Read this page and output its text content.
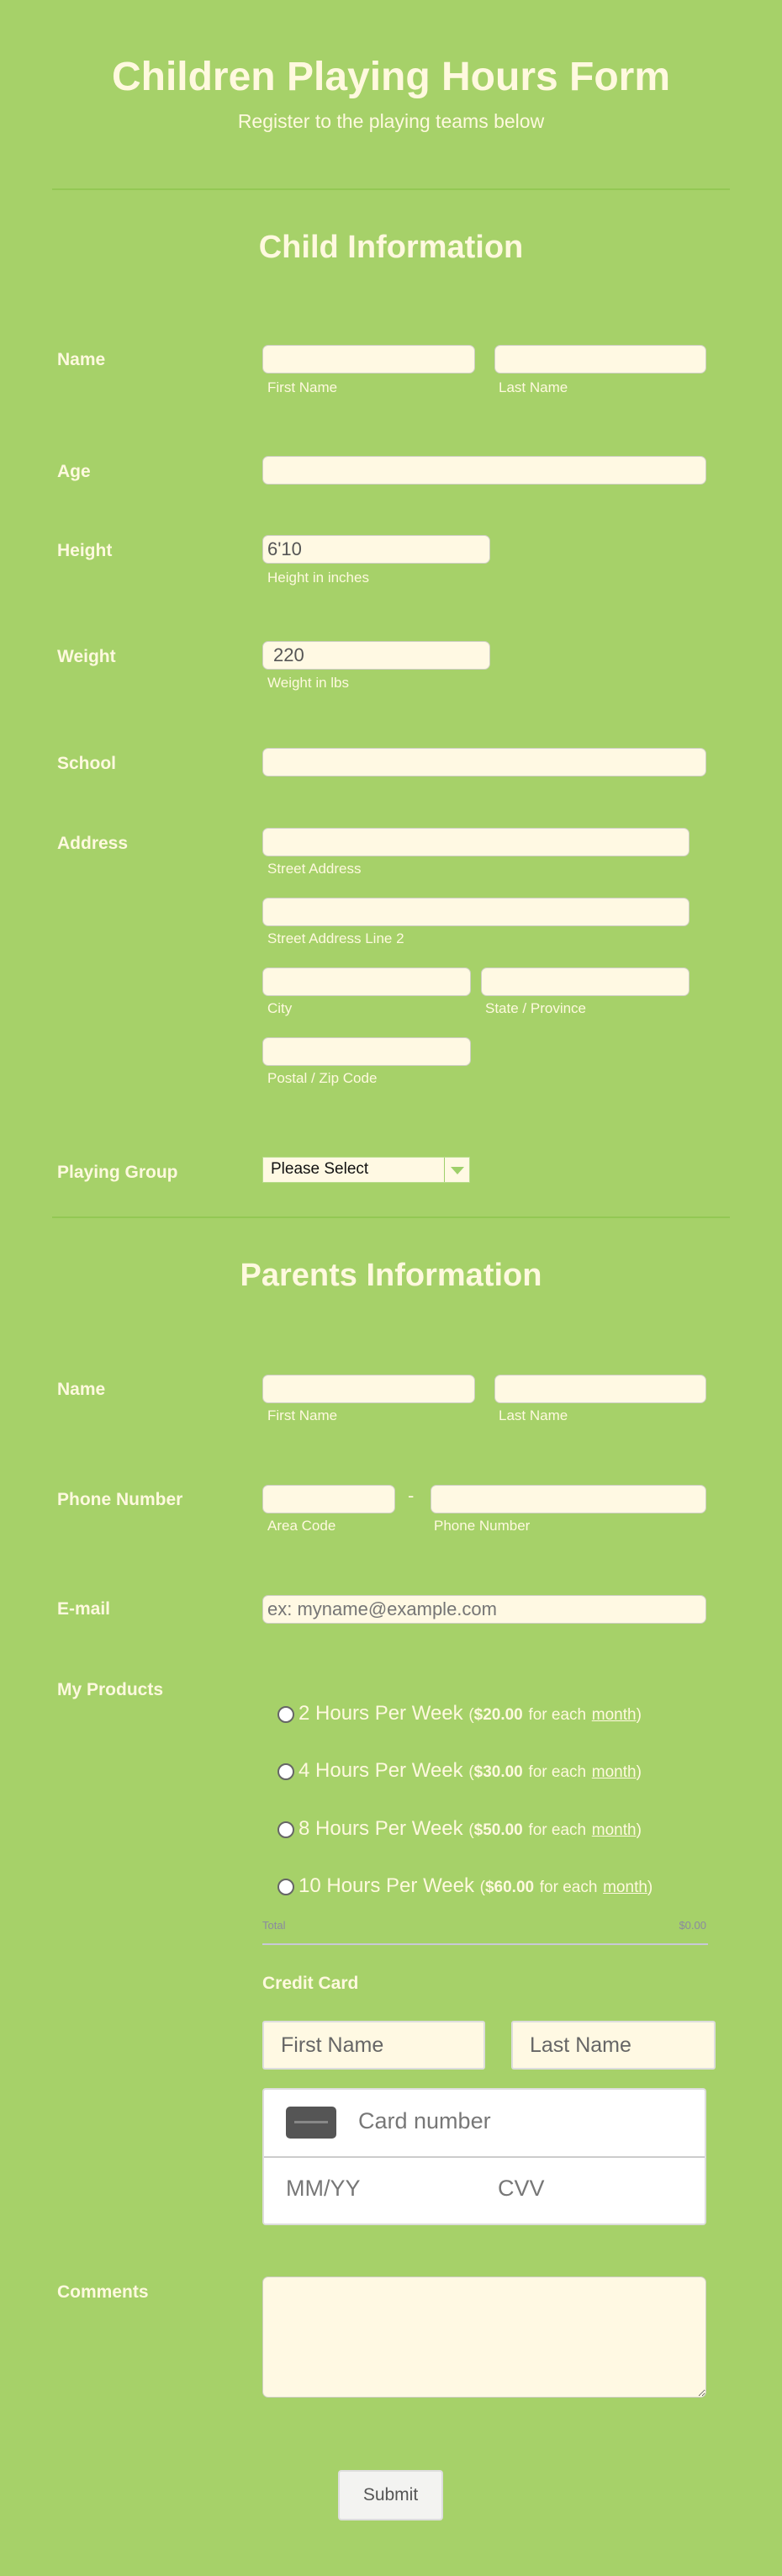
Children Playing Hours Form
Register to the playing teams below
Child Information
Name
First Name	Last Name
Age
Height
6'10
Height in inches
Weight
220
Weight in lbs
School
Address
Street Address
Street Address Line 2
City	State / Province
Postal / Zip Code
Playing Group	Please Select
Parents Information
Name
First Name	Last Name
Phone Number	-
Area Code	Phone Number
E-mail
ex: myname@example.com
My Products
2 Hours Per Week ($20.00 for each month)
4 Hours Per Week ($30.00 for each month)
8 Hours Per Week ($50.00 for each month)
10 Hours Per Week ($60.00 for each month)
Total	$0.00
Credit Card
First Name	Last Name
Card number
MM/YY	CVV
Comments
Submit
